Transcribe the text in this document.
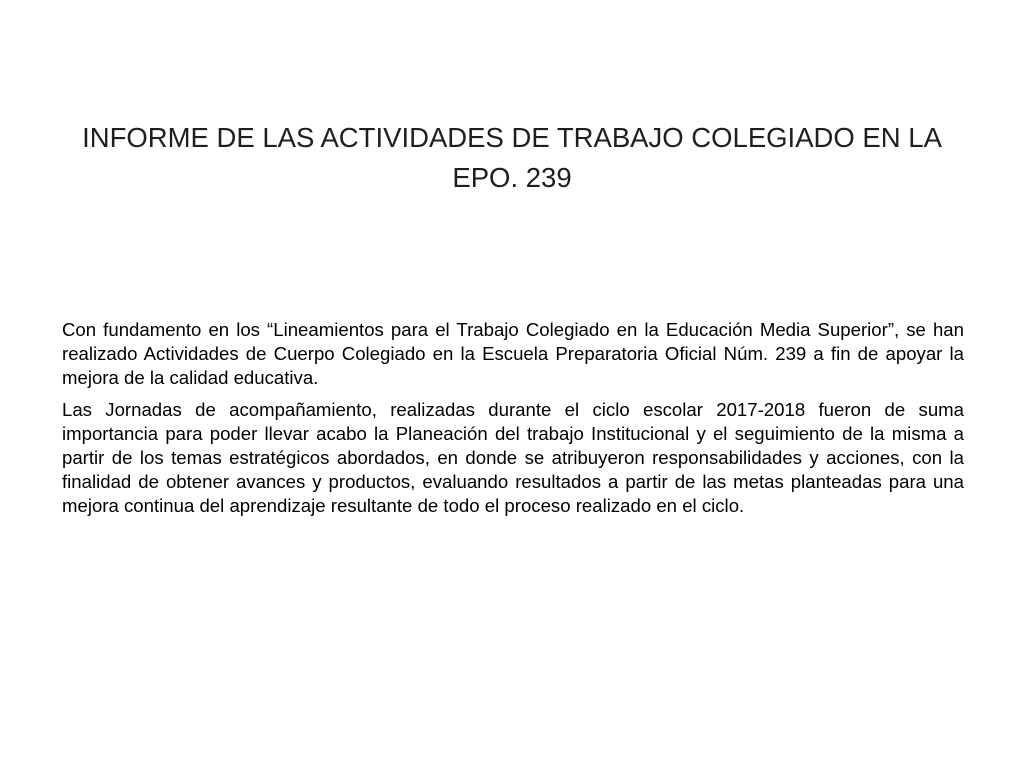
INFORME DE LAS ACTIVIDADES DE TRABAJO COLEGIADO EN LA EPO. 239

Con fundamento en los “Lineamientos para el Trabajo Colegiado en la Educación Media Superior”, se han realizado Actividades de Cuerpo Colegiado en la Escuela Preparatoria Oficial Núm. 239 a fin de apoyar la mejora de la calidad educativa.

Las Jornadas de acompañamiento, realizadas durante el ciclo escolar 2017-2018 fueron de suma importancia para poder llevar acabo la Planeación del trabajo Institucional y el seguimiento de la misma a partir de los temas estratégicos abordados, en donde se atribuyeron responsabilidades y acciones, con la finalidad de obtener avances y productos, evaluando resultados a partir de las metas planteadas para una mejora continua del aprendizaje resultante de todo el proceso realizado en el ciclo.
